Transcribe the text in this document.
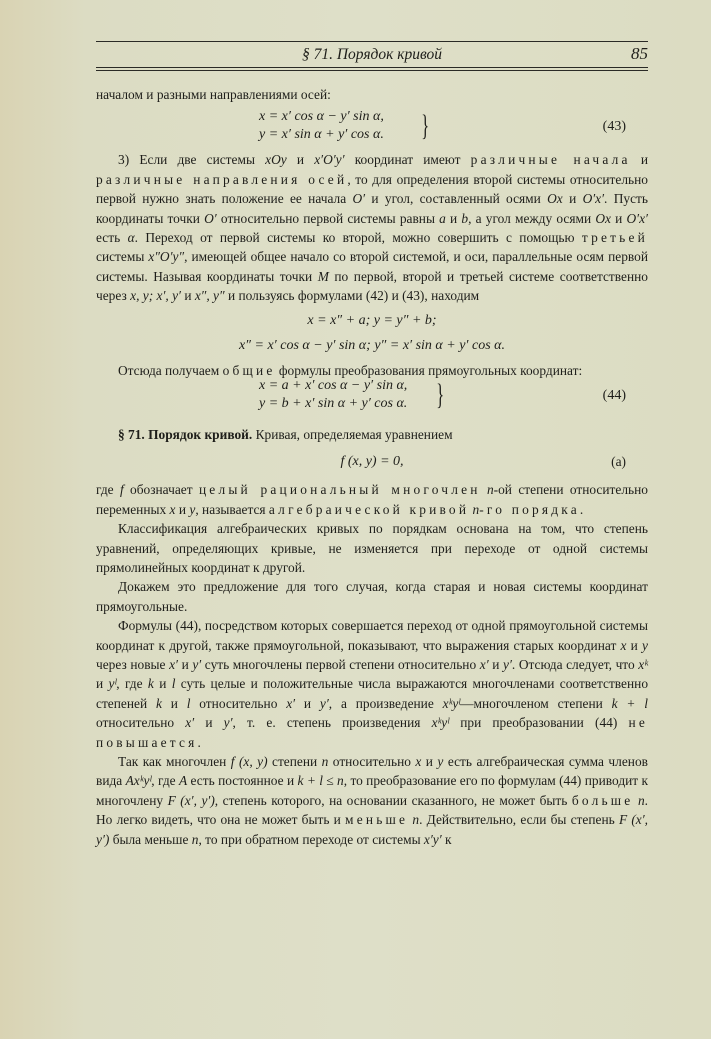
§ 71. Порядок кривой	85

началом и разными направлениями осей:

x = x′ cos α − y′ sin α,
y = x′ sin α + y′ cos α.	}	(43)

3) Если две системы xOy и x′O′y′ координат имеют различные начала и различные направления осей, то для определения второй системы относительно первой нужно знать положение ее начала O′ и угол, составленный осями Ox и O′x′. Пусть координаты точки O′ относительно первой системы равны a и b, а угол между осями Ox и O′x′ есть α. Переход от первой системы ко второй, можно совершить с помощью третьей системы x″O′y″, имеющей общее начало со второй системой, и оси, параллельные осям первой системы. Называя координаты точки M по первой, второй и третьей системе соответственно через x, y; x′, y′ и x″, y″ и пользуясь формулами (42) и (43), находим

x = x″ + a; y = y″ + b;
x″ = x′ cos α − y′ sin α; y″ = x′ sin α + y′ cos α.

Отсюда получаем общие формулы преобразования прямоугольных координат:

x = a + x′ cos α − y′ sin α,
y = b + x′ sin α + y′ cos α. }	(44)

§ 71. Порядок кривой. Кривая, определяемая уравнением

f (x, y) = 0,	(a)

где f обозначает целый рациональный многочлен n-ой степени относительно переменных x и y, называется алгебраической кривой n-го порядка.

Классификация алгебраических кривых по порядкам основана на том, что степень уравнений, определяющих кривые, не изменяется при переходе от одной системы прямолинейных координат к другой.

Докажем это предложение для того случая, когда старая и новая системы координат прямоугольные.

Формулы (44), посредством которых совершается переход от одной прямоугольной системы координат к другой, также прямоугольной, показывают, что выражения старых координат x и y через новые x′ и y′ суть многочлены первой степени относительно x′ и y′. Отсюда следует, что xᵏ и yˡ, где k и l суть целые и положительные числа выражаются многочленами соответственно степеней k и l относительно x′ и y′, а произведение xᵏyˡ—многочленом степени k + l относительно x′ и y′, т. е. степень произведения xᵏyˡ при преобразовании (44) не повышается.

Так как многочлен f (x, y) степени n относительно x и y есть алгебраическая сумма членов вида Axᵏyˡ, где A есть постоянное и k + l ≤ n, то преобразование его по формулам (44) приводит к многочлену F (x′, y′), степень которого, на основании сказанного, не может быть больше n. Но легко видеть, что она не может быть и меньше n. Действительно, если бы степень F (x′, y′) была меньше n, то при обратном переходе от системы x′y′ к
